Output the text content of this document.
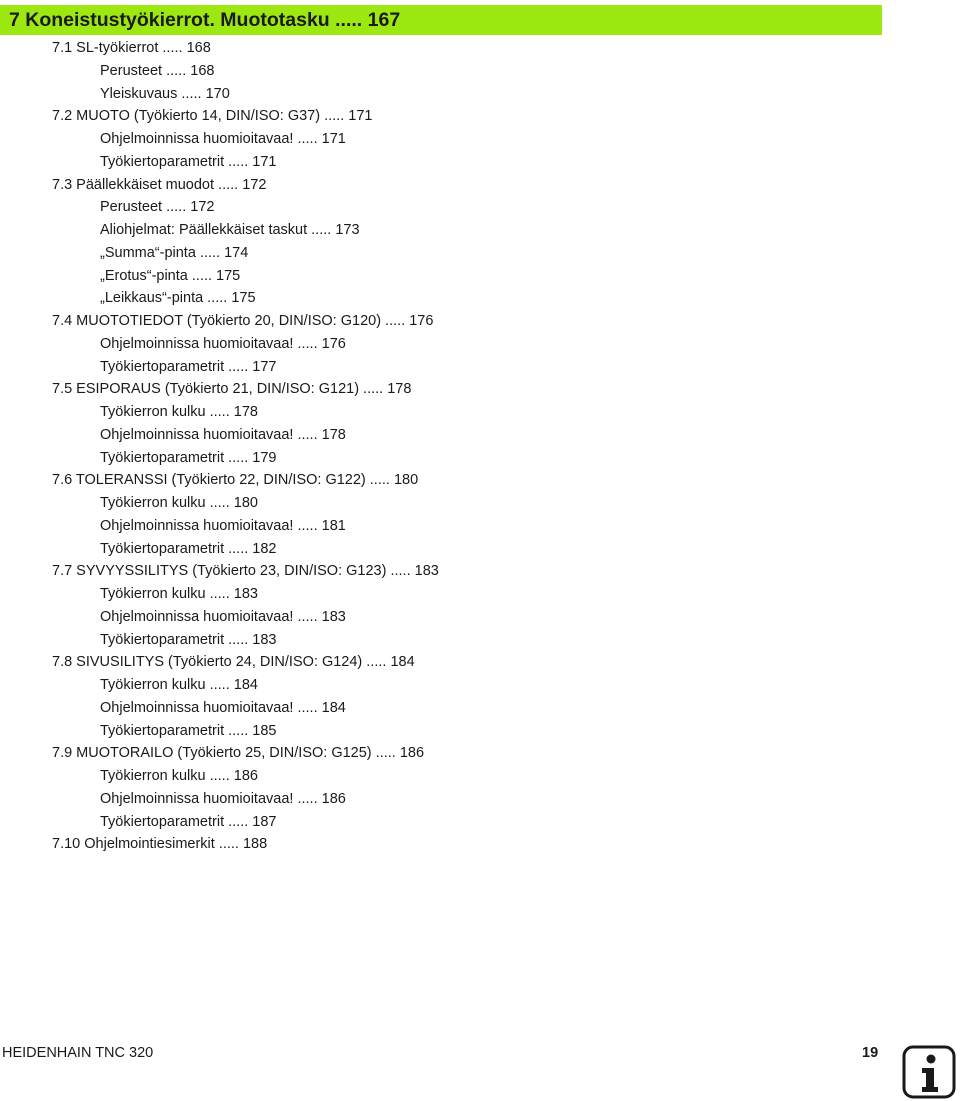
7 Koneistustyökierrot. Muototasku ..... 167
7.1 SL-työkierrot ..... 168
Perusteet ..... 168
Yleiskuvaus ..... 170
7.2 MUOTO (Työkierto 14, DIN/ISO: G37) ..... 171
Ohjelmoinnissa huomioitavaa! ..... 171
Työkiertoparametrit ..... 171
7.3 Päällekkäiset muodot ..... 172
Perusteet ..... 172
Aliohjelmat: Päällekkäiset taskut ..... 173
„Summa“-pinta ..... 174
„Erotus“-pinta ..... 175
„Leikkaus“-pinta ..... 175
7.4 MUOTOTIEDOT (Työkierto 20, DIN/ISO: G120) ..... 176
Ohjelmoinnissa huomioitavaa! ..... 176
Työkiertoparametrit ..... 177
7.5 ESIPORAUS (Työkierto 21, DIN/ISO: G121) ..... 178
Työkierron kulku ..... 178
Ohjelmoinnissa huomioitavaa! ..... 178
Työkiertoparametrit ..... 179
7.6 TOLERANSSI (Työkierto 22, DIN/ISO: G122) ..... 180
Työkierron kulku ..... 180
Ohjelmoinnissa huomioitavaa! ..... 181
Työkiertoparametrit ..... 182
7.7 SYVYYSSILITYS (Työkierto 23, DIN/ISO: G123) ..... 183
Työkierron kulku ..... 183
Ohjelmoinnissa huomioitavaa! ..... 183
Työkiertoparametrit ..... 183
7.8 SIVUSILITYS (Työkierto 24, DIN/ISO: G124) ..... 184
Työkierron kulku ..... 184
Ohjelmoinnissa huomioitavaa! ..... 184
Työkiertoparametrit ..... 185
7.9 MUOTORAILO (Työkierto 25, DIN/ISO: G125) ..... 186
Työkierron kulku ..... 186
Ohjelmoinnissa huomioitavaa! ..... 186
Työkiertoparametrit ..... 187
7.10 Ohjelmointiesimerkit ..... 188
HEIDENHAIN TNC 320	19
